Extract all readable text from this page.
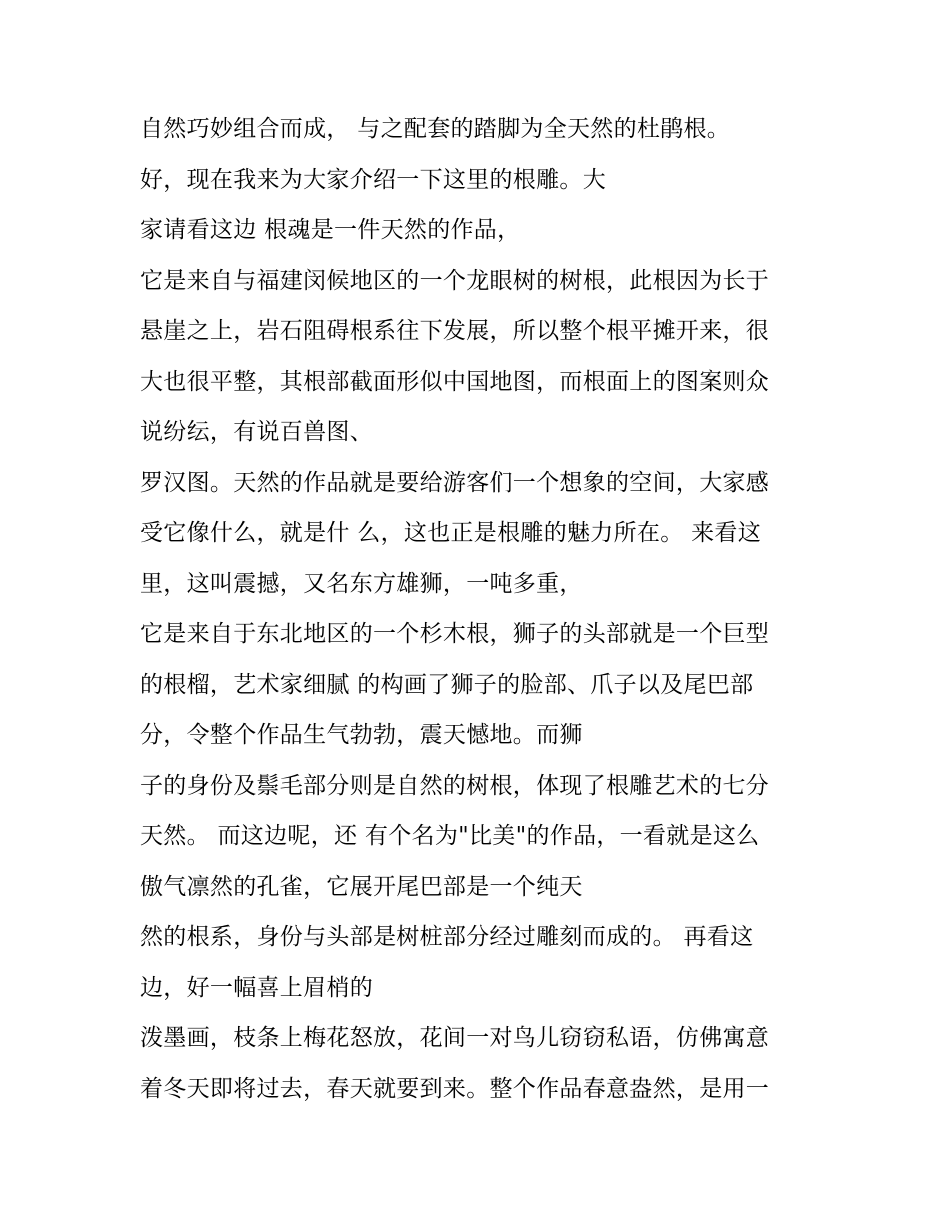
自然巧妙组合而成， 与之配套的踏脚为全天然的杜鹃根。
好，现在我来为大家介绍一下这里的根雕。大
家请看这边 根魂是一件天然的作品，
它是来自与福建闵候地区的一个龙眼树的树根，此根因为长于
悬崖之上，岩石阻碍根系往下发展，所以整个根平摊开来，很
大也很平整，其根部截面形似中国地图，而根面上的图案则众
说纷纭，有说百兽图、
罗汉图。天然的作品就是要给游客们一个想象的空间，大家感
受它像什么，就是什 么，这也正是根雕的魅力所在。 来看这
里，这叫震撼，又名东方雄狮，一吨多重，
它是来自于东北地区的一个杉木根，狮子的头部就是一个巨型
的根榴，艺术家细腻 的构画了狮子的脸部、爪子以及尾巴部
分，令整个作品生气勃勃，震天憾地。而狮
子的身份及鬃毛部分则是自然的树根，体现了根雕艺术的七分
天然。 而这边呢，还 有个名为"比美"的作品，一看就是这么
傲气凛然的孔雀，它展开尾巴部是一个纯天
然的根系，身份与头部是树桩部分经过雕刻而成的。 再看这
边，好一幅喜上眉梢的
泼墨画，枝条上梅花怒放，花间一对鸟儿窃窃私语，仿佛寓意
着冬天即将过去，春天就要到来。整个作品春意盎然，是用一
